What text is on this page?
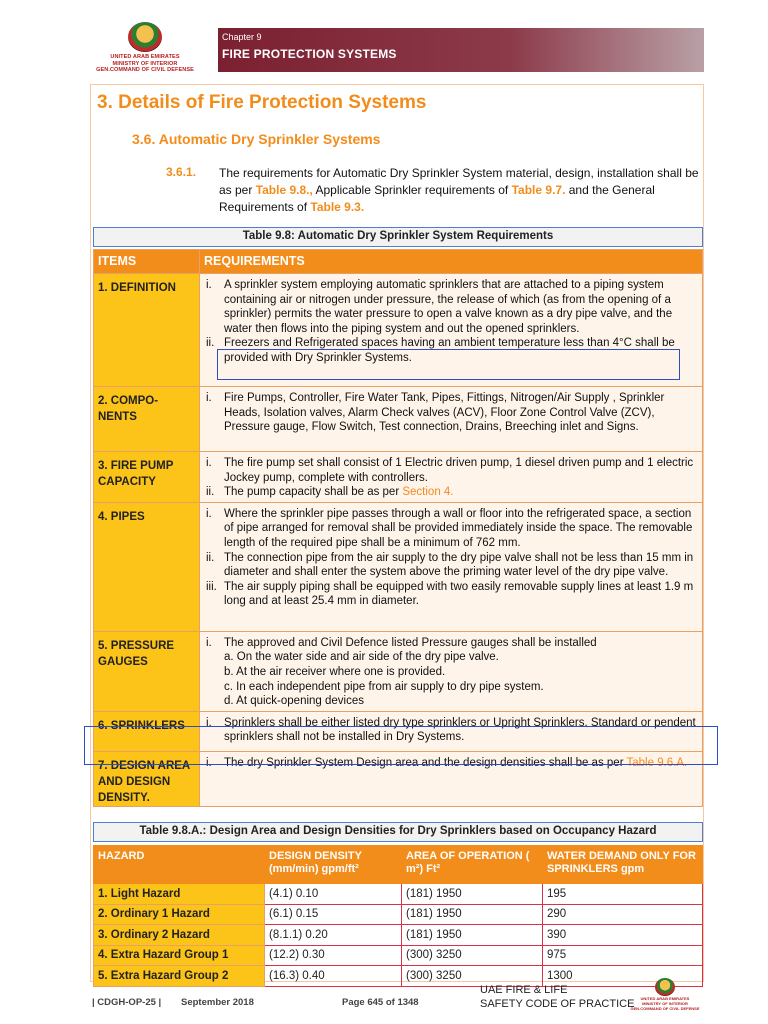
UNITED ARAB EMIRATES
MINISTRY OF INTERIOR
GEN.COMMAND OF CIVIL DEFENSE
Chapter 9
FIRE PROTECTION SYSTEMS
3. Details of Fire Protection Systems
3.6. Automatic Dry Sprinkler Systems
3.6.1. The requirements for Automatic Dry Sprinkler System material, design, installation shall be as per Table 9.8., Applicable Sprinkler requirements of Table 9.7. and the General Requirements of Table 9.3.
Table 9.8: Automatic Dry Sprinkler System Requirements
ITEMS	REQUIREMENTS

1. DEFINITION	i. A sprinkler system employing automatic sprinklers that are attached to a piping system containing air or nitrogen under pressure, the release of which (as from the opening of a sprinkler) permits the water pressure to open a valve known as a dry pipe valve, and the water then flows into the piping system and out the opened sprinklers.
ii. Freezers and Refrigerated spaces having an ambient temperature less than 4°C shall be provided with Dry Sprinkler Systems.

2. COMPO-NENTS	i. Fire Pumps, Controller, Fire Water Tank, Pipes, Fittings, Nitrogen/Air Supply , Sprinkler Heads, Isolation valves, Alarm Check valves (ACV), Floor Zone Control Valve (ZCV), Pressure gauge, Flow Switch, Test connection, Drains, Breeching inlet and Signs.

3. FIRE PUMP CAPACITY	i. The fire pump set shall consist of 1 Electric driven pump, 1 diesel driven pump and 1 electric Jockey pump, complete with controllers.
ii. The pump capacity shall be as per Section 4.

4. PIPES	i. Where the sprinkler pipe passes through a wall or floor into the refrigerated space, a section of pipe arranged for removal shall be provided immediately inside the space. The removable length of the required pipe shall be a minimum of 762 mm.
ii. The connection pipe from the air supply to the dry pipe valve shall not be less than 15 mm in diameter and shall enter the system above the priming water level of the dry pipe valve.
iii. The air supply piping shall be equipped with two easily removable supply lines at least 1.9 m long and at least 25.4 mm in diameter.

5. PRESSURE GAUGES	i. The approved and Civil Defence listed Pressure gauges shall be installed
a. On the water side and air side of the dry pipe valve.
b. At the air receiver where one is provided.
c. In each independent pipe from air supply to dry pipe system.
d. At quick-opening devices

6. SPRINKLERS	i. Sprinklers shall be either listed dry type sprinklers or Upright Sprinklers. Standard or pendent sprinklers shall not be installed in Dry Systems.

7. DESIGN AREA AND DESIGN DENSITY.	i. The dry Sprinkler System Design area and the design densities shall be as per Table 9.6.A.
Table 9.8.A.: Design Area and Design Densities for Dry Sprinklers based on Occupancy Hazard
HAZARD	DESIGN DENSITY (mm/min) gpm/ft²	AREA OF OPERATION ( m²) Ft²	WATER DEMAND ONLY FOR SPRINKLERS gpm
1. Light Hazard	(4.1) 0.10	(181) 1950	195
2. Ordinary 1 Hazard	(6.1) 0.15	(181) 1950	290
3. Ordinary 2 Hazard	(8.1.1) 0.20	(181) 1950	390
4. Extra Hazard Group 1	(12.2) 0.30	(300) 3250	975
5. Extra Hazard Group 2	(16.3) 0.40	(300) 3250	1300
| CDGH-OP-25 | September 2018	Page 645 of 1348
UAE FIRE & LIFE
SAFETY CODE OF PRACTICE	UNITED ARAB EMIRATES
MINISTRY OF INTERIOR
GEN.COMMAND OF CIVIL DEFENSE
